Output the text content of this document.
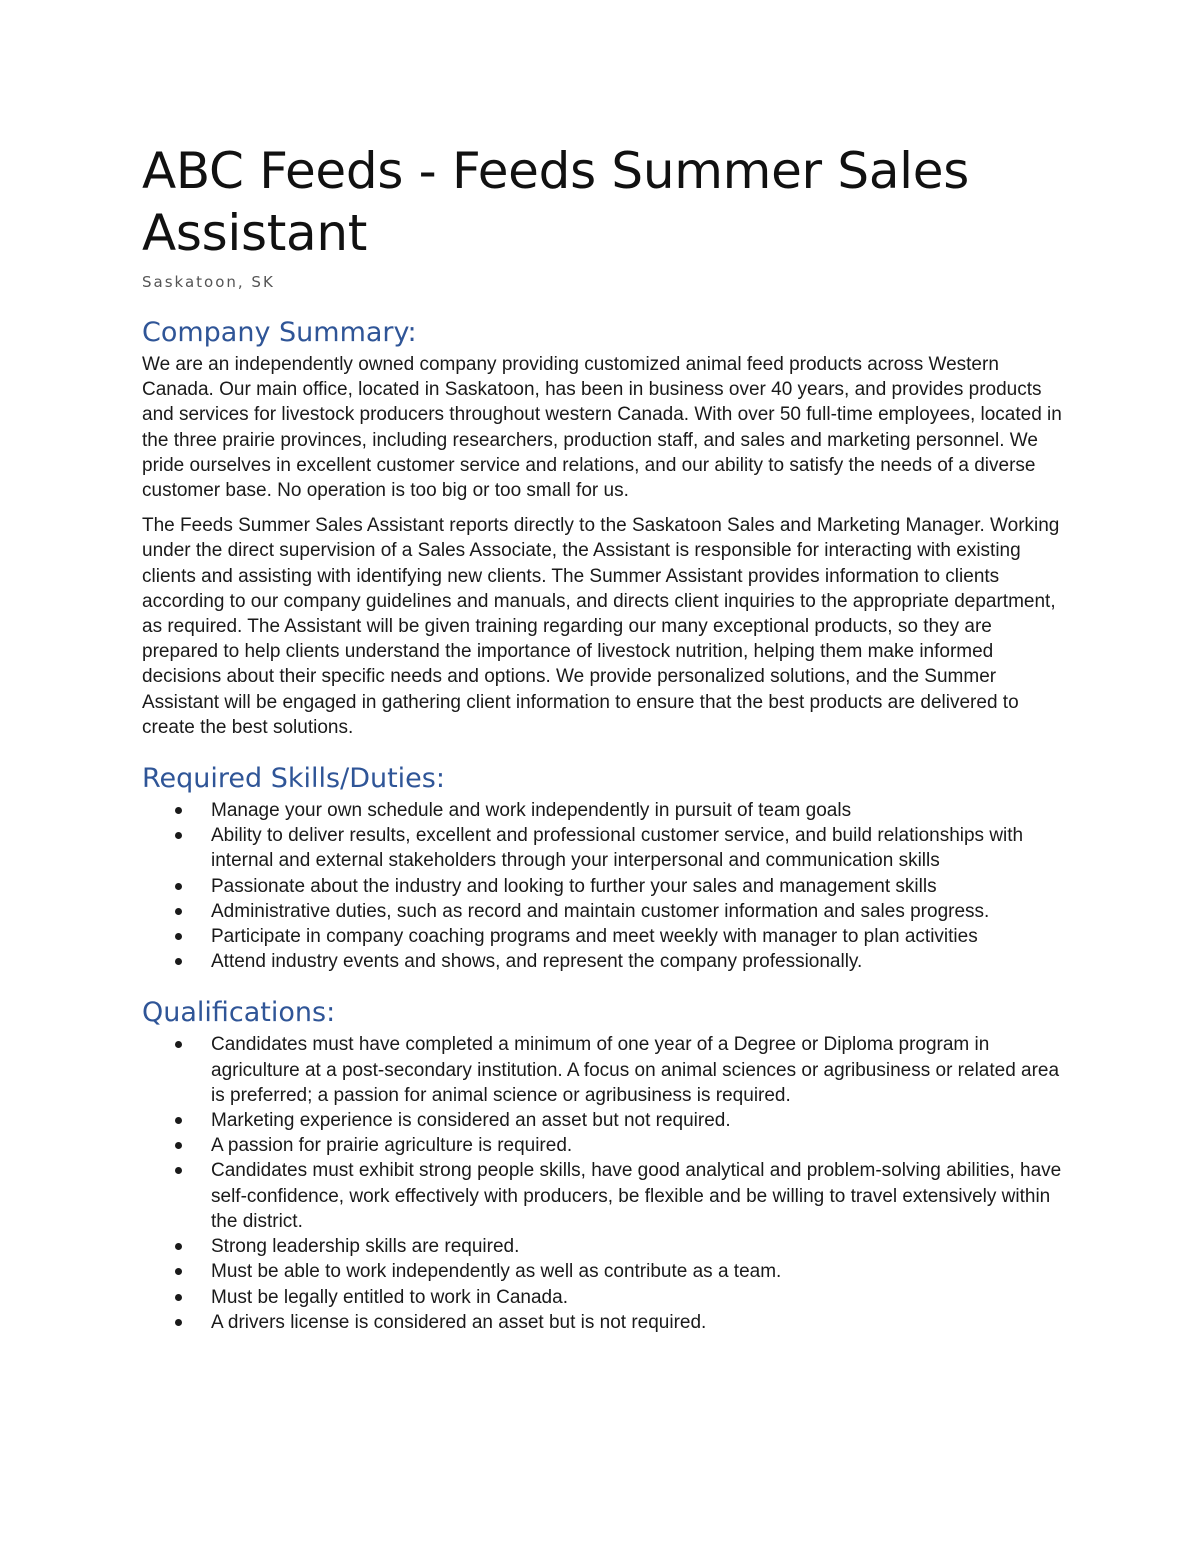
ABC Feeds - Feeds Summer Sales Assistant
Saskatoon, SK
Company Summary:

We are an independently owned company providing customized animal feed products across Western Canada. Our main office, located in Saskatoon, has been in business over 40 years, and provides products and services for livestock producers throughout western Canada. With over 50 full-time employees, located in the three prairie provinces, including researchers, production staff, and sales and marketing personnel. We pride ourselves in excellent customer service and relations, and our ability to satisfy the needs of a diverse customer base. No operation is too big or too small for us.

The Feeds Summer Sales Assistant reports directly to the Saskatoon Sales and Marketing Manager. Working under the direct supervision of a Sales Associate, the Assistant is responsible for interacting with existing clients and assisting with identifying new clients. The Summer Assistant provides information to clients according to our company guidelines and manuals, and directs client inquiries to the appropriate department, as required. The Assistant will be given training regarding our many exceptional products, so they are prepared to help clients understand the importance of livestock nutrition, helping them make informed decisions about their specific needs and options. We provide personalized solutions, and the Summer Assistant will be engaged in gathering client information to ensure that the best products are delivered to create the best solutions.

Required Skills/Duties:
Manage your own schedule and work independently in pursuit of team goals
Ability to deliver results, excellent and professional customer service, and build relationships with internal and external stakeholders through your interpersonal and communication skills
Passionate about the industry and looking to further your sales and management skills
Administrative duties, such as record and maintain customer information and sales progress.
Participate in company coaching programs and meet weekly with manager to plan activities
Attend industry events and shows, and represent the company professionally.
Qualifications:
Candidates must have completed a minimum of one year of a Degree or Diploma program in agriculture at a post-secondary institution. A focus on animal sciences or agribusiness or related area is preferred; a passion for animal science or agribusiness is required.
Marketing experience is considered an asset but not required.
A passion for prairie agriculture is required.
Candidates must exhibit strong people skills, have good analytical and problem-solving abilities, have self-confidence, work effectively with producers, be flexible and be willing to travel extensively within the district.
Strong leadership skills are required.
Must be able to work independently as well as contribute as a team.
Must be legally entitled to work in Canada.
A drivers license is considered an asset but is not required.
